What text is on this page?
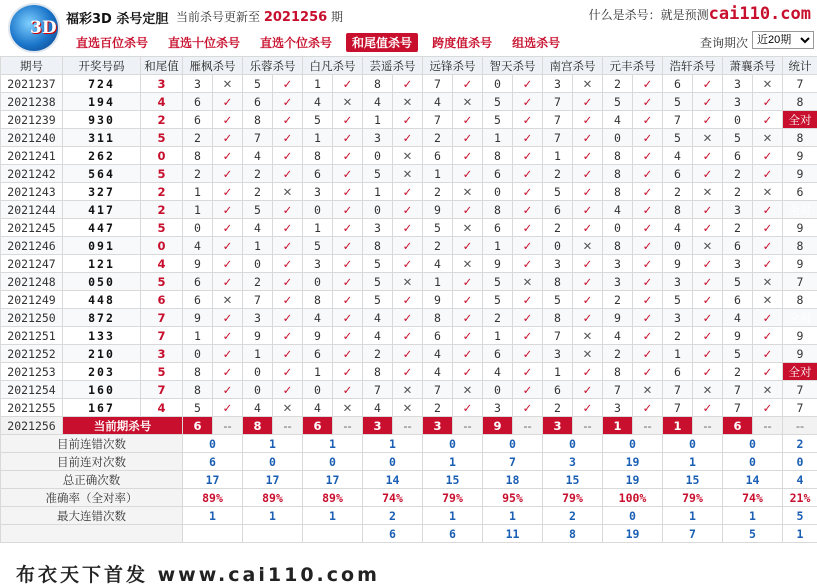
3D 福彩3D 杀号定胆 当前杀号更新至 2021256 期	什么是杀号：就是预测cai110.com
直选百位杀号 直选十位杀号 直选个位杀号 和尾值杀号 跨度值杀号 组选杀号	查询期次
近20期
期号	开奖号码	和尾值	雁枫杀号		乐蓉杀号		白凡杀号		芸遥杀号		远锋杀号		智天杀号		南宫杀号		元丰杀号		浩轩杀号		萧襄杀号		统计
2021237	724	3	3	✕	5	✓	1	✓	8	✓	7	✓	0	✓	3	✕	2	✓	6	✓	3	✕	7
2021238	194	4	6	✓	6	✓	4	✕	4	✕	4	✕	5	✓	7	✓	5	✓	5	✓	3	✓	8
2021239	930	2	6	✓	8	✓	5	✓	1	✓	7	✓	5	✓	7	✓	4	✓	7	✓	0	✓	全对
2021240	311	5	2	✓	7	✓	1	✓	3	✓	2	✓	1	✓	7	✓	0	✓	5	✕	5	✕	8
2021241	262	0	8	✓	4	✓	8	✓	0	✕	6	✓	8	✓	1	✓	8	✓	4	✓	6	✓	9
2021242	564	5	2	✓	2	✓	6	✓	5	✕	1	✓	6	✓	2	✓	8	✓	6	✓	2	✓	9
2021243	327	2	1	✓	2	✕	3	✓	1	✓	2	✕	0	✓	5	✓	8	✓	2	✕	2	✕	6
2021244	417	2	1	✓	5	✓	0	✓	0	✓	9	✓	8	✓	6	✓	4	✓	8	✓	3	✓	全对
2021245	447	5	0	✓	4	✓	1	✓	3	✓	5	✕	6	✓	2	✓	0	✓	4	✓	2	✓	9
2021246	091	0	4	✓	1	✓	5	✓	8	✓	2	✓	1	✓	0	✕	8	✓	0	✕	6	✓	8
2021247	121	4	9	✓	0	✓	3	✓	5	✓	4	✕	9	✓	3	✓	3	✓	9	✓	3	✓	9
2021248	050	5	6	✓	2	✓	0	✓	5	✕	1	✓	5	✕	8	✓	3	✓	3	✓	5	✕	7
2021249	448	6	6	✕	7	✓	8	✓	5	✓	9	✓	5	✓	5	✓	2	✓	5	✓	6	✕	8
2021250	872	7	9	✓	3	✓	4	✓	4	✓	8	✓	2	✓	8	✓	9	✓	3	✓	4	✓	全对
2021251	133	7	1	✓	9	✓	9	✓	4	✓	6	✓	1	✓	7	✕	4	✓	2	✓	9	✓	9
2021252	210	3	0	✓	1	✓	6	✓	2	✓	4	✓	6	✓	3	✕	2	✓	1	✓	5	✓	9
2021253	203	5	8	✓	0	✓	1	✓	8	✓	4	✓	4	✓	1	✓	8	✓	6	✓	2	✓	全对
2021254	160	7	8	✓	0	✓	0	✓	7	✕	7	✕	0	✓	6	✓	7	✕	7	✕	7	✕	7
2021255	167	4	5	✓	4	✕	4	✕	4	✕	2	✓	3	✓	2	✓	3	✓	7	✓	7	✓	7
2021256	当前期杀号		6	--	8	--	6	--	3	--	3	--	9	--	3	--	1	--	1	--	6	--	--
目前连错次数			0		1		1		1		0		0		0		0		0		0		2
目前连对次数			6		0		0		0		1		7		3		19		1		0		0
总正确次数			17		17		17		14		15		18		15		19		15		14		4
准确率（全对率）			89%		89%		89%		74%		79%		95%		79%		100%		79%		74%		21%
最大连错次数			1		1		1		2		1		1		2		0		1		1		5
									6		6		11		8		19		7		5		1
布衣天下首发 www.cai110.com
